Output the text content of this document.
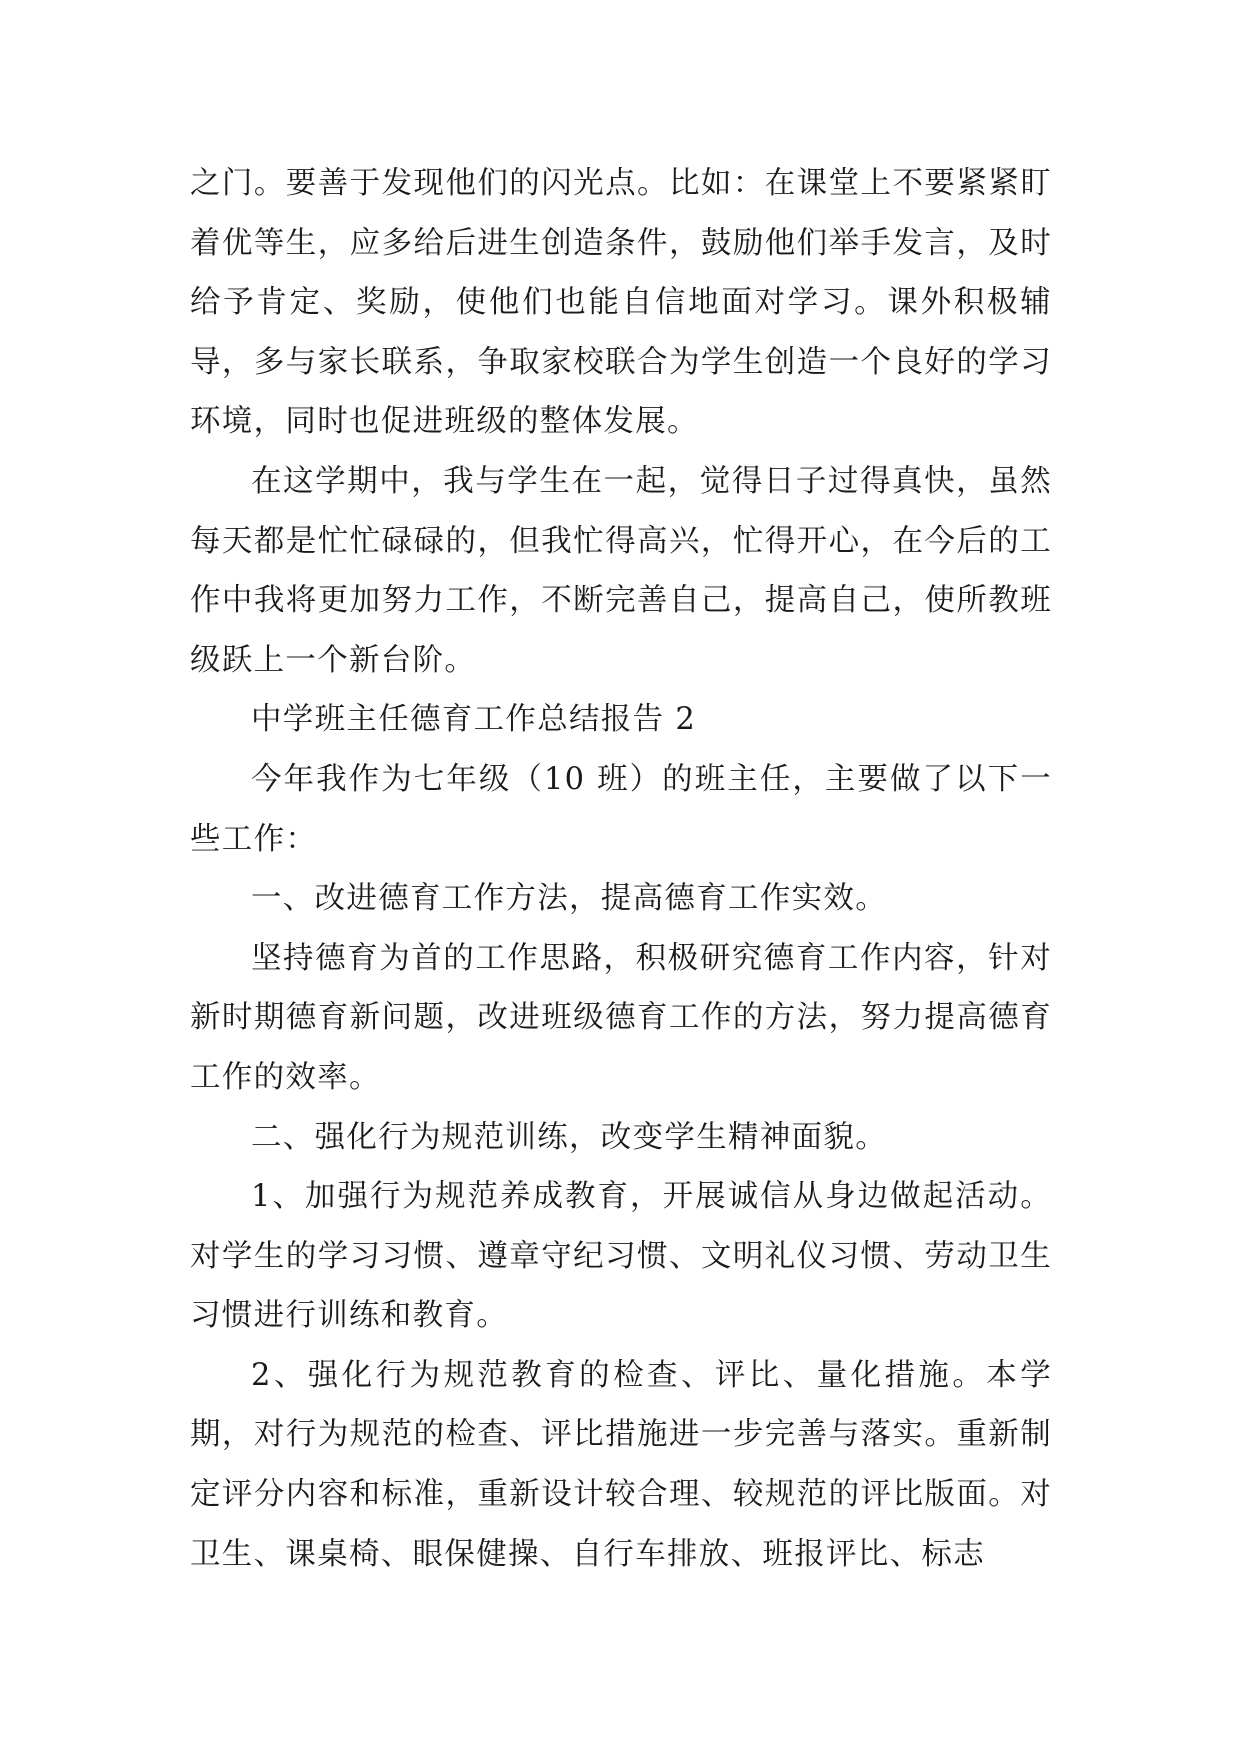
之门。要善于发现他们的闪光点。比如：在课堂上不要紧紧盯着优等生，应多给后进生创造条件，鼓励他们举手发言，及时给予肯定、奖励，使他们也能自信地面对学习。课外积极辅导，多与家长联系，争取家校联合为学生创造一个良好的学习环境，同时也促进班级的整体发展。

在这学期中，我与学生在一起，觉得日子过得真快，虽然每天都是忙忙碌碌的，但我忙得高兴，忙得开心，在今后的工作中我将更加努力工作，不断完善自己，提高自己，使所教班级跃上一个新台阶。

中学班主任德育工作总结报告 2

今年我作为七年级（10 班）的班主任，主要做了以下一些工作：

一、改进德育工作方法，提高德育工作实效。

坚持德育为首的工作思路，积极研究德育工作内容，针对新时期德育新问题，改进班级德育工作的方法，努力提高德育工作的效率。

二、强化行为规范训练，改变学生精神面貌。

1、加强行为规范养成教育，开展诚信从身边做起活动。对学生的学习习惯、遵章守纪习惯、文明礼仪习惯、劳动卫生习惯进行训练和教育。

2、强化行为规范教育的检查、评比、量化措施。本学期，对行为规范的检查、评比措施进一步完善与落实。重新制定评分内容和标准，重新设计较合理、较规范的评比版面。对卫生、课桌椅、眼保健操、自行车排放、班报评比、标志
